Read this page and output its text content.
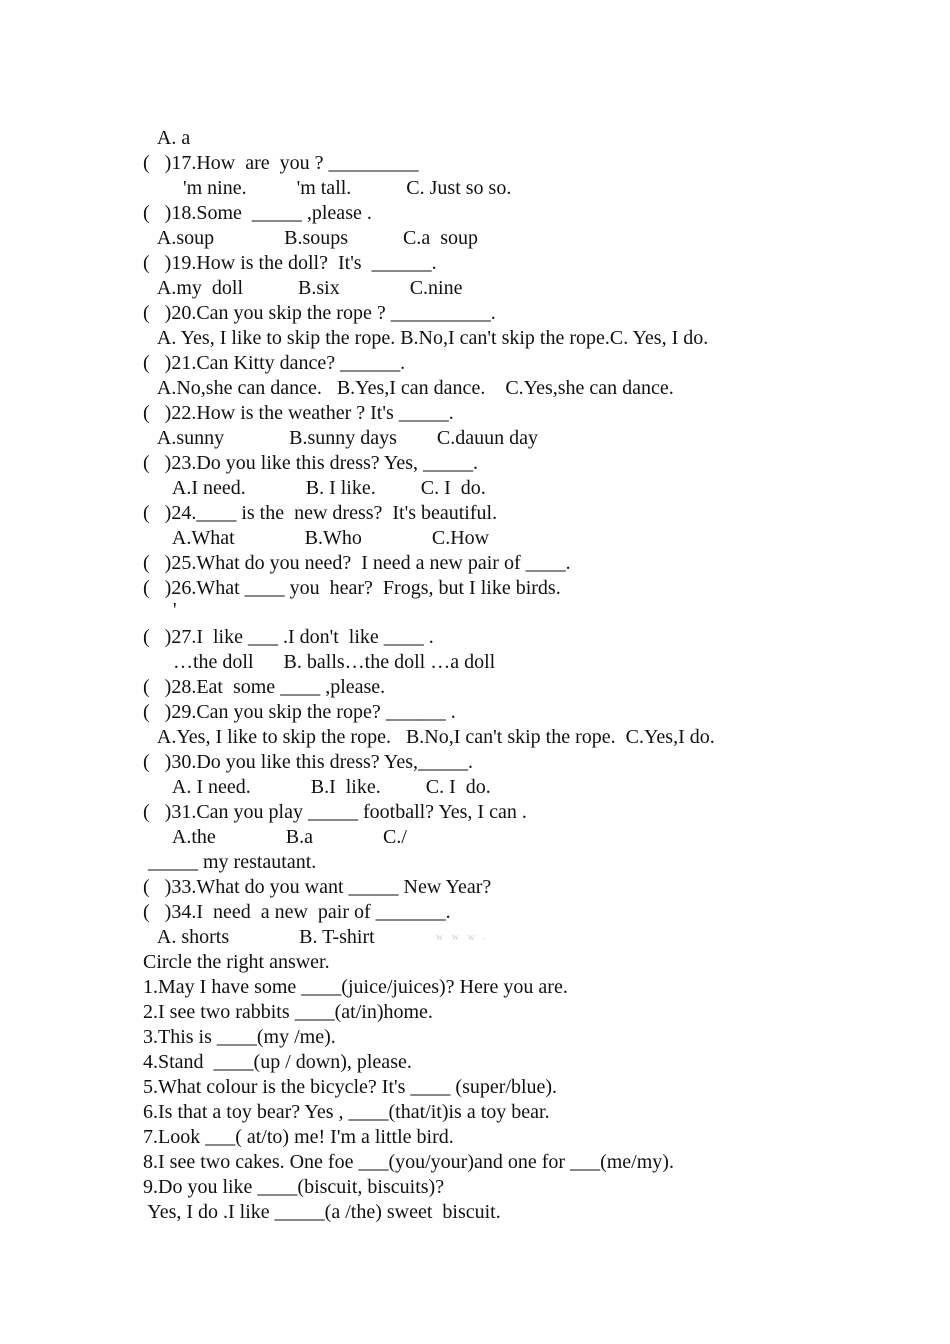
A. a
(   )17.How  are  you ? _________
'm nine.          'm tall.           C. Just so so.
(   )18.Some  _____ ,please .
A.soup              B.soups           C.a  soup
(   )19.How is the doll?  It's  ______.
A.my  doll           B.six              C.nine
(   )20.Can you skip the rope ? __________.
A. Yes, I like to skip the rope. B.No,I can't skip the rope.C. Yes, I do.
(   )21.Can Kitty dance? ______.
A.No,she can dance.   B.Yes,I can dance.    C.Yes,she can dance.
(   )22.How is the weather ? It's _____.
A.sunny             B.sunny days        C.dauun day
(   )23.Do you like this dress? Yes, _____.
A.I need.            B. I like.         C. I  do.
(   )24.____ is the  new dress?  It's beautiful.
A.What              B.Who              C.How
(   )25.What do you need?  I need a new pair of ____.
(   )26.What ____ you  hear?  Frogs, but I like birds.
'
(   )27.I  like ___ .I don't  like ____ .
…the doll      B. balls…the doll …a doll
(   )28.Eat  some ____ ,please.
(   )29.Can you skip the rope? ______ .
A.Yes, I like to skip the rope.   B.No,I can't skip the rope.  C.Yes,I do.
(   )30.Do you like this dress? Yes,_____.
A. I need.            B.I  like.         C. I  do.
(   )31.Can you play _____ football? Yes, I can .
A.the              B.a              C./
_____ my restautant.
(   )33.What do you want _____ New Year?
(   )34.I  need  a new  pair of _______.
A. shorts              B. T-shirt	w w w .
Circle the right answer.
1.May I have some ____(juice/juices)? Here you are.
2.I see two rabbits ____(at/in)home.
3.This is ____(my /me).
4.Stand  ____(up / down), please.
5.What colour is the bicycle? It's ____ (super/blue).
6.Is that a toy bear? Yes , ____(that/it)is a toy bear.
7.Look ___( at/to) me! I'm a little bird.
8.I see two cakes. One foe ___(you/your)and one for ___(me/my).
9.Do you like ____(biscuit, biscuits)?
Yes, I do .I like _____(a /the) sweet  biscuit.
